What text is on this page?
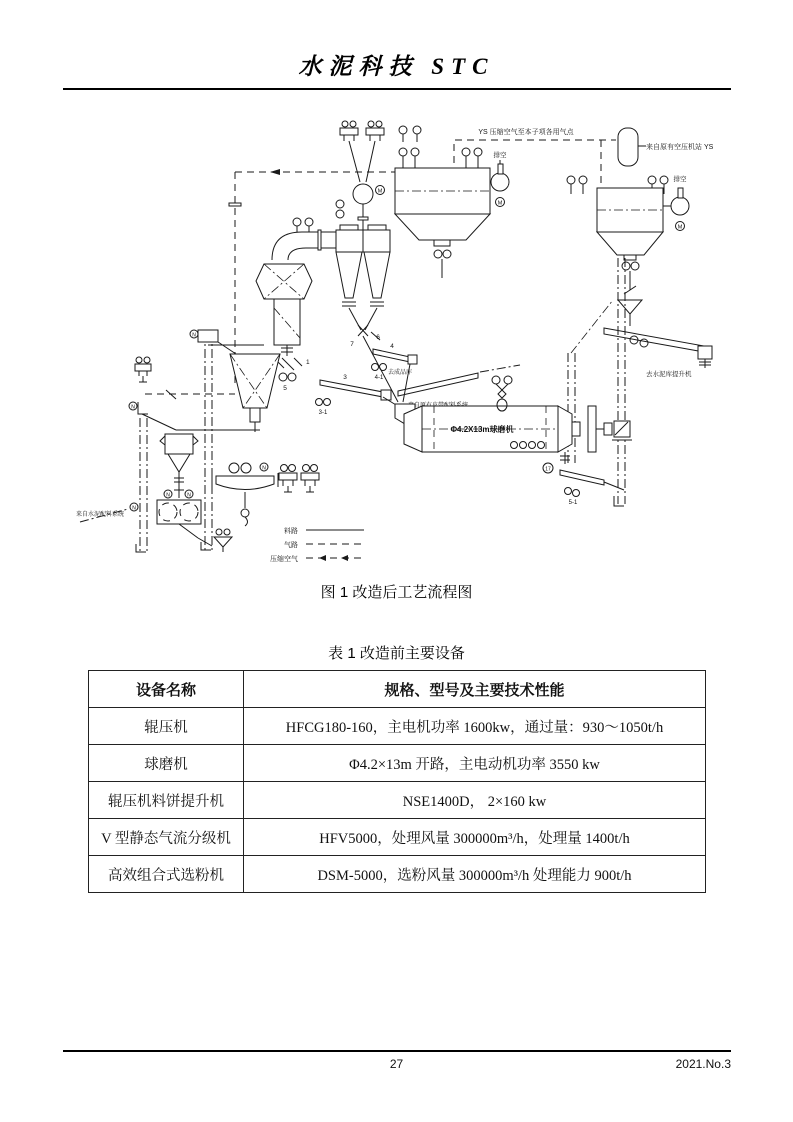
水泥科技 STC
YS 压缩空气至本子项各用气点
来自原有空压机站 YS
M
排空
M
排空
去水泥库提升机
7
6
M
1
5
4
4-1
去成品库
3
3-1
Φ4.2X13m球磨机
17
5-1
N
N
N	N
来自水泥配料系统
N
N
料路
气路
压缩空气
图 1 改造后工艺流程图
表 1 改造前主要设备
设备名称	规格、型号及主要技术性能
辊压机	HFCG180-160，主电机功率 1600kw，通过量：930～1050t/h
球磨机	Φ4.2×13m 开路，主电动机功率 3550 kw
辊压机料饼提升机	NSE1400D， 2×160 kw
V 型静态气流分级机	HFV5000，处理风量 300000m³/h，处理量 1400t/h
高效组合式选粉机	DSM-5000，选粉风量 300000m³/h 处理能力 900t/h
27	2021.No.3
